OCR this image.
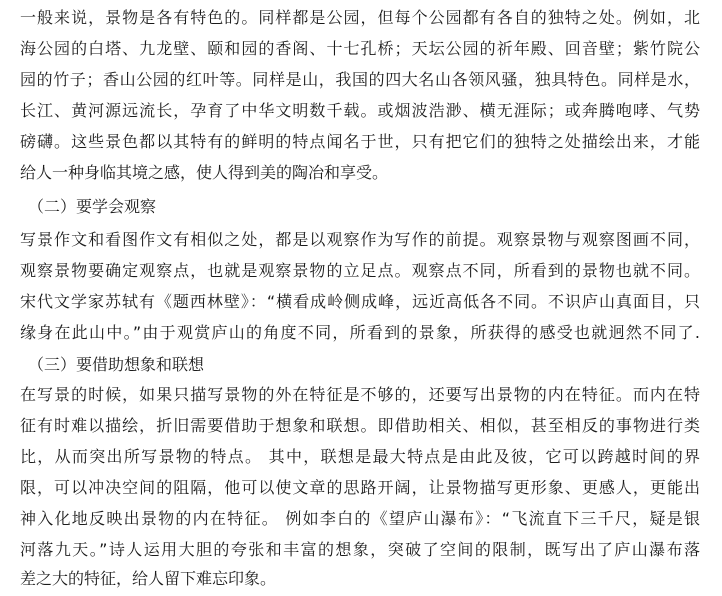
一般来说，景物是各有特色的。同样都是公园，但每个公园都有各自的独特之处。例如，北
海公园的白塔、九龙壁、颐和园的香阁、十七孔桥；天坛公园的祈年殿、回音壁；紫竹院公
园的竹子；香山公园的红叶等。同样是山，我国的四大名山各领风骚，独具特色。同样是水，
长江、黄河源远流长，孕育了中华文明数千载。或烟波浩渺、横无涯际；或奔腾咆哮、气势
磅礴。这些景色都以其特有的鲜明的特点闻名于世，只有把它们的独特之处描绘出来，才能
给人一种身临其境之感，使人得到美的陶冶和享受。
（二）要学会观察
写景作文和看图作文有相似之处，都是以观察作为写作的前提。观察景物与观察图画不同，
观察景物要确定观察点，也就是观察景物的立足点。观察点不同，所看到的景物也就不同。
宋代文学家苏轼有《题西林壁》：“横看成岭侧成峰，远近高低各不同。不识庐山真面目，只
缘身在此山中。”由于观赏庐山的角度不同，所看到的景象，所获得的感受也就迥然不同了.
（三）要借助想象和联想
在写景的时候，如果只描写景物的外在特征是不够的，还要写出景物的内在特征。而内在特
征有时难以描绘，折旧需要借助于想象和联想。即借助相关、相似，甚至相反的事物进行类
比，从而突出所写景物的特点。 其中，联想是最大特点是由此及彼，它可以跨越时间的界
限，可以冲决空间的阻隔，他可以使文章的思路开阔，让景物描写更形象、更感人，更能出
神入化地反映出景物的内在特征。 例如李白的《望庐山瀑布》：“飞流直下三千尺，疑是银
河落九天。”诗人运用大胆的夸张和丰富的想象，突破了空间的限制，既写出了庐山瀑布落
差之大的特征，给人留下难忘印象。
